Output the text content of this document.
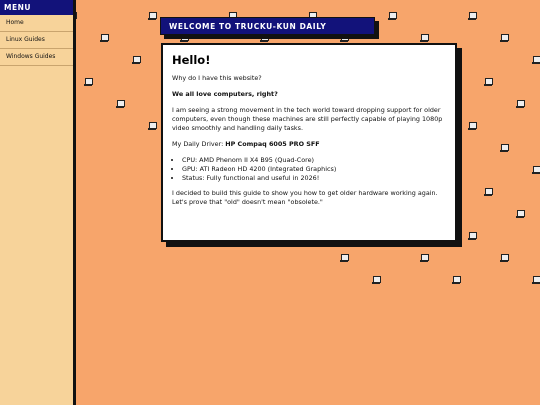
MENU
Home
Linux Guides
Windows Guides
WELCOME TO TRUCKU-KUN DAILY
Hello!

Why do I have this website?

We all love computers, right?

I am seeing a strong movement in the tech world toward dropping support for older computers, even though these machines are still perfectly capable of playing 1080p video smoothly and handling daily tasks.

My Daily Driver: HP Compaq 6005 PRO SFF

• CPU: AMD Phenom II X4 B95 (Quad-Core)
• GPU: ATI Radeon HD 4200 (Integrated Graphics)
• Status: Fully functional and useful in 2026!

I decided to build this guide to show you how to get older hardware working again. Let's prove that "old" doesn't mean "obsolete."
